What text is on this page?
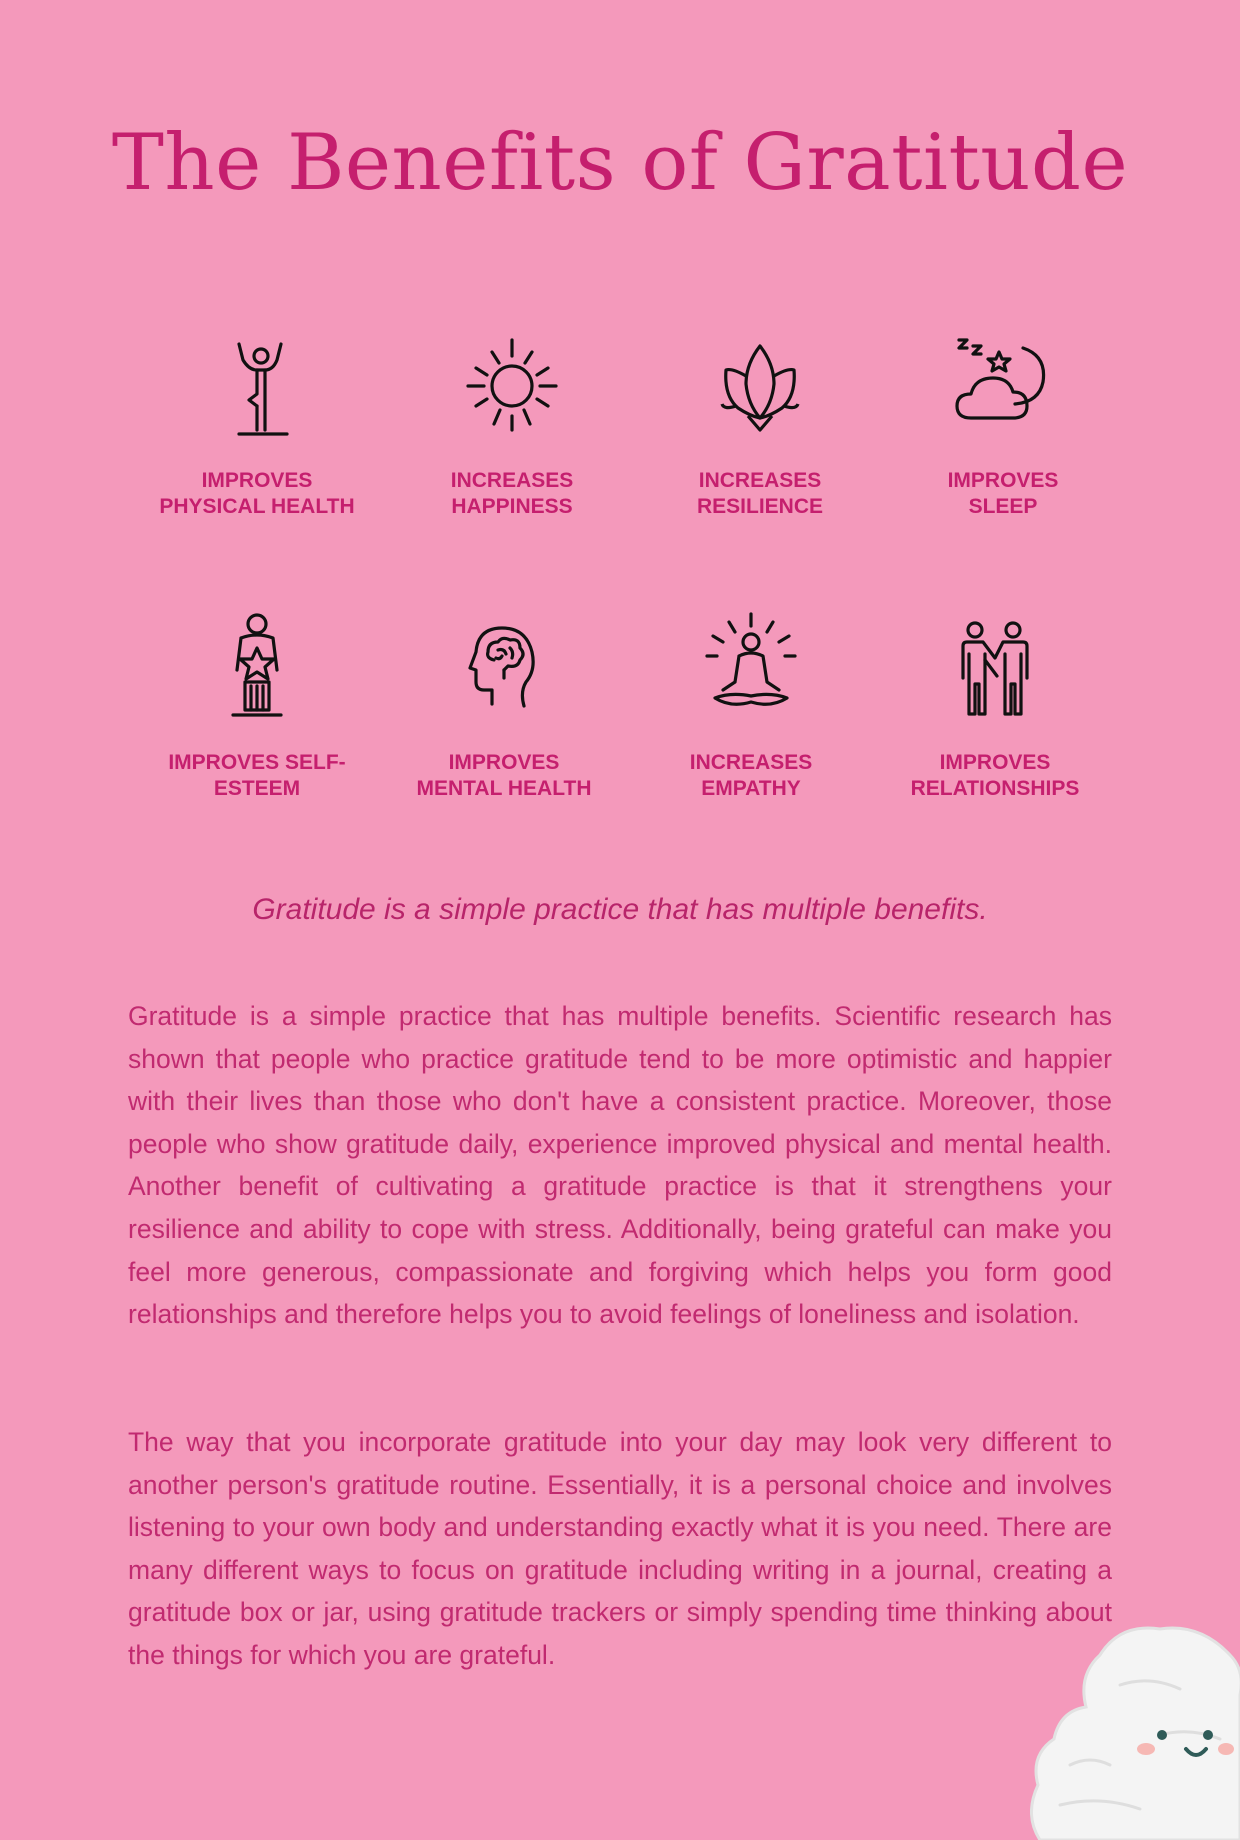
The Benefits of Gratitude
IMPROVES
PHYSICAL HEALTH
INCREASES
HAPPINESS
INCREASES
RESILIENCE
IMPROVES
SLEEP
IMPROVES SELF-
ESTEEM
IMPROVES
MENTAL HEALTH
INCREASES
EMPATHY
IMPROVES
RELATIONSHIPS
Gratitude is a simple practice that has multiple benefits.

Gratitude is a simple practice that has multiple benefits. Scientific research has shown that people who practice gratitude tend to be more optimistic and happier with their lives than those who don't have a consistent practice. Moreover, those people who show gratitude daily, experience improved physical and mental health. Another benefit of cultivating a gratitude practice is that it strengthens your resilience and ability to cope with stress. Additionally, being grateful can make you feel more generous, compassionate and forgiving which helps you form good relationships and therefore helps you to avoid feelings of loneliness and isolation.

The way that you incorporate gratitude into your day may look very different to another person's gratitude routine. Essentially, it is a personal choice and involves listening to your own body and understanding exactly what it is you need. There are many different ways to focus on gratitude including writing in a journal, creating a gratitude box or jar, using gratitude trackers or simply spending time thinking about the things for which you are grateful.
